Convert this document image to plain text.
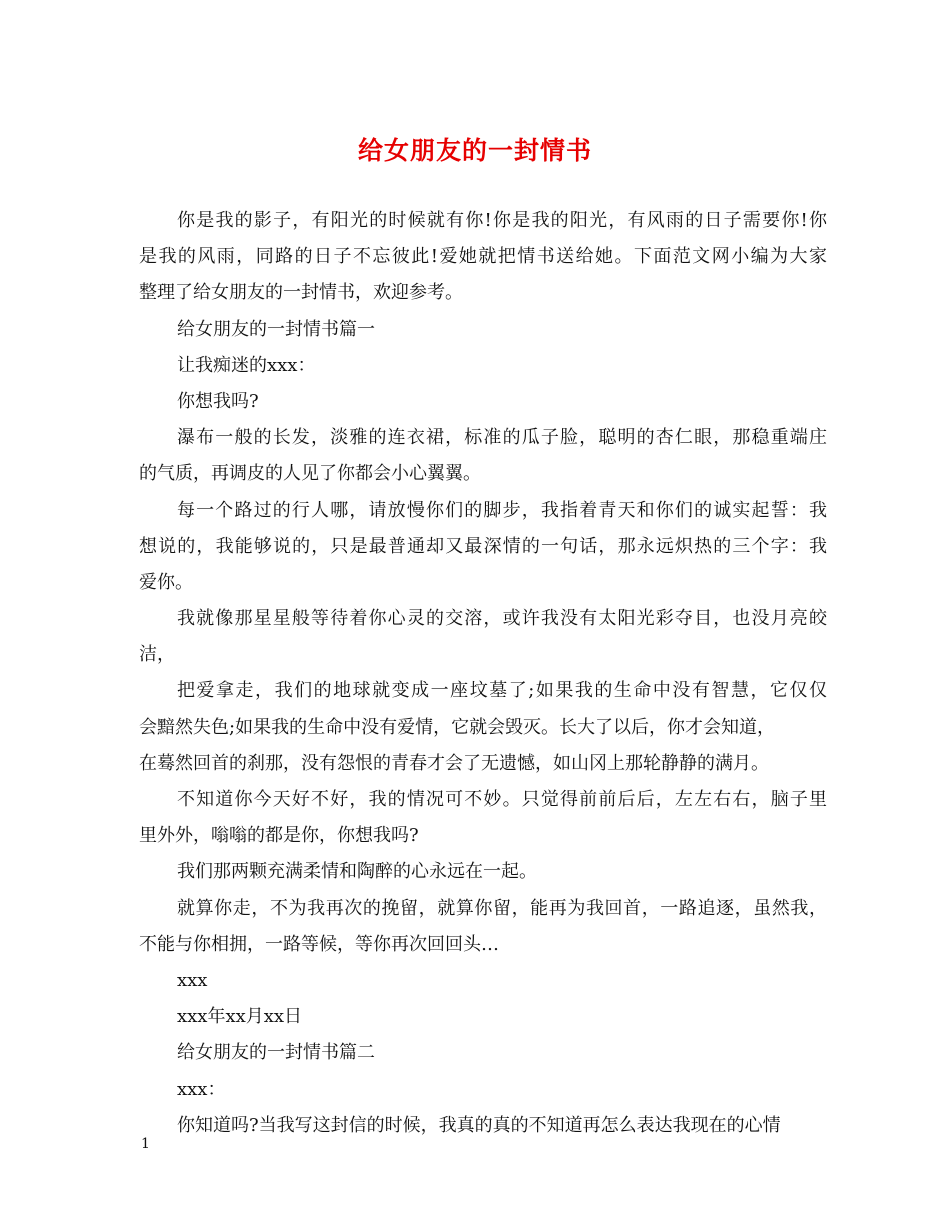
给女朋友的一封情书
你是我的影子，有阳光的时候就有你!你是我的阳光，有风雨的日子需要你!你
是我的风雨，同路的日子不忘彼此!爱她就把情书送给她。下面范文网小编为大家
整理了给女朋友的一封情书，欢迎参考。
给女朋友的一封情书篇一
让我痴迷的xxx：
你想我吗?
瀑布一般的长发，淡雅的连衣裙，标准的瓜子脸，聪明的杏仁眼，那稳重端庄
的气质，再调皮的人见了你都会小心翼翼。
每一个路过的行人哪，请放慢你们的脚步，我指着青天和你们的诚实起誓：我
想说的，我能够说的，只是最普通却又最深情的一句话，那永远炽热的三个字：我
爱你。
我就像那星星般等待着你心灵的交溶，或许我没有太阳光彩夺目，也没月亮皎
洁，
把爱拿走，我们的地球就变成一座坟墓了;如果我的生命中没有智慧，它仅仅
会黯然失色;如果我的生命中没有爱情，它就会毁灭。长大了以后，你才会知道，
在蓦然回首的刹那，没有怨恨的青春才会了无遗憾，如山冈上那轮静静的满月。
不知道你今天好不好，我的情况可不妙。只觉得前前后后，左左右右，脑子里
里外外，嗡嗡的都是你，你想我吗?
我们那两颗充满柔情和陶醉的心永远在一起。
就算你走，不为我再次的挽留，就算你留，能再为我回首，一路追逐，虽然我，
不能与你相拥，一路等候，等你再次回回头…
xxx
xxx年xx月xx日
给女朋友的一封情书篇二
xxx：
你知道吗?当我写这封信的时候，我真的真的不知道再怎么表达我现在的心情
1
